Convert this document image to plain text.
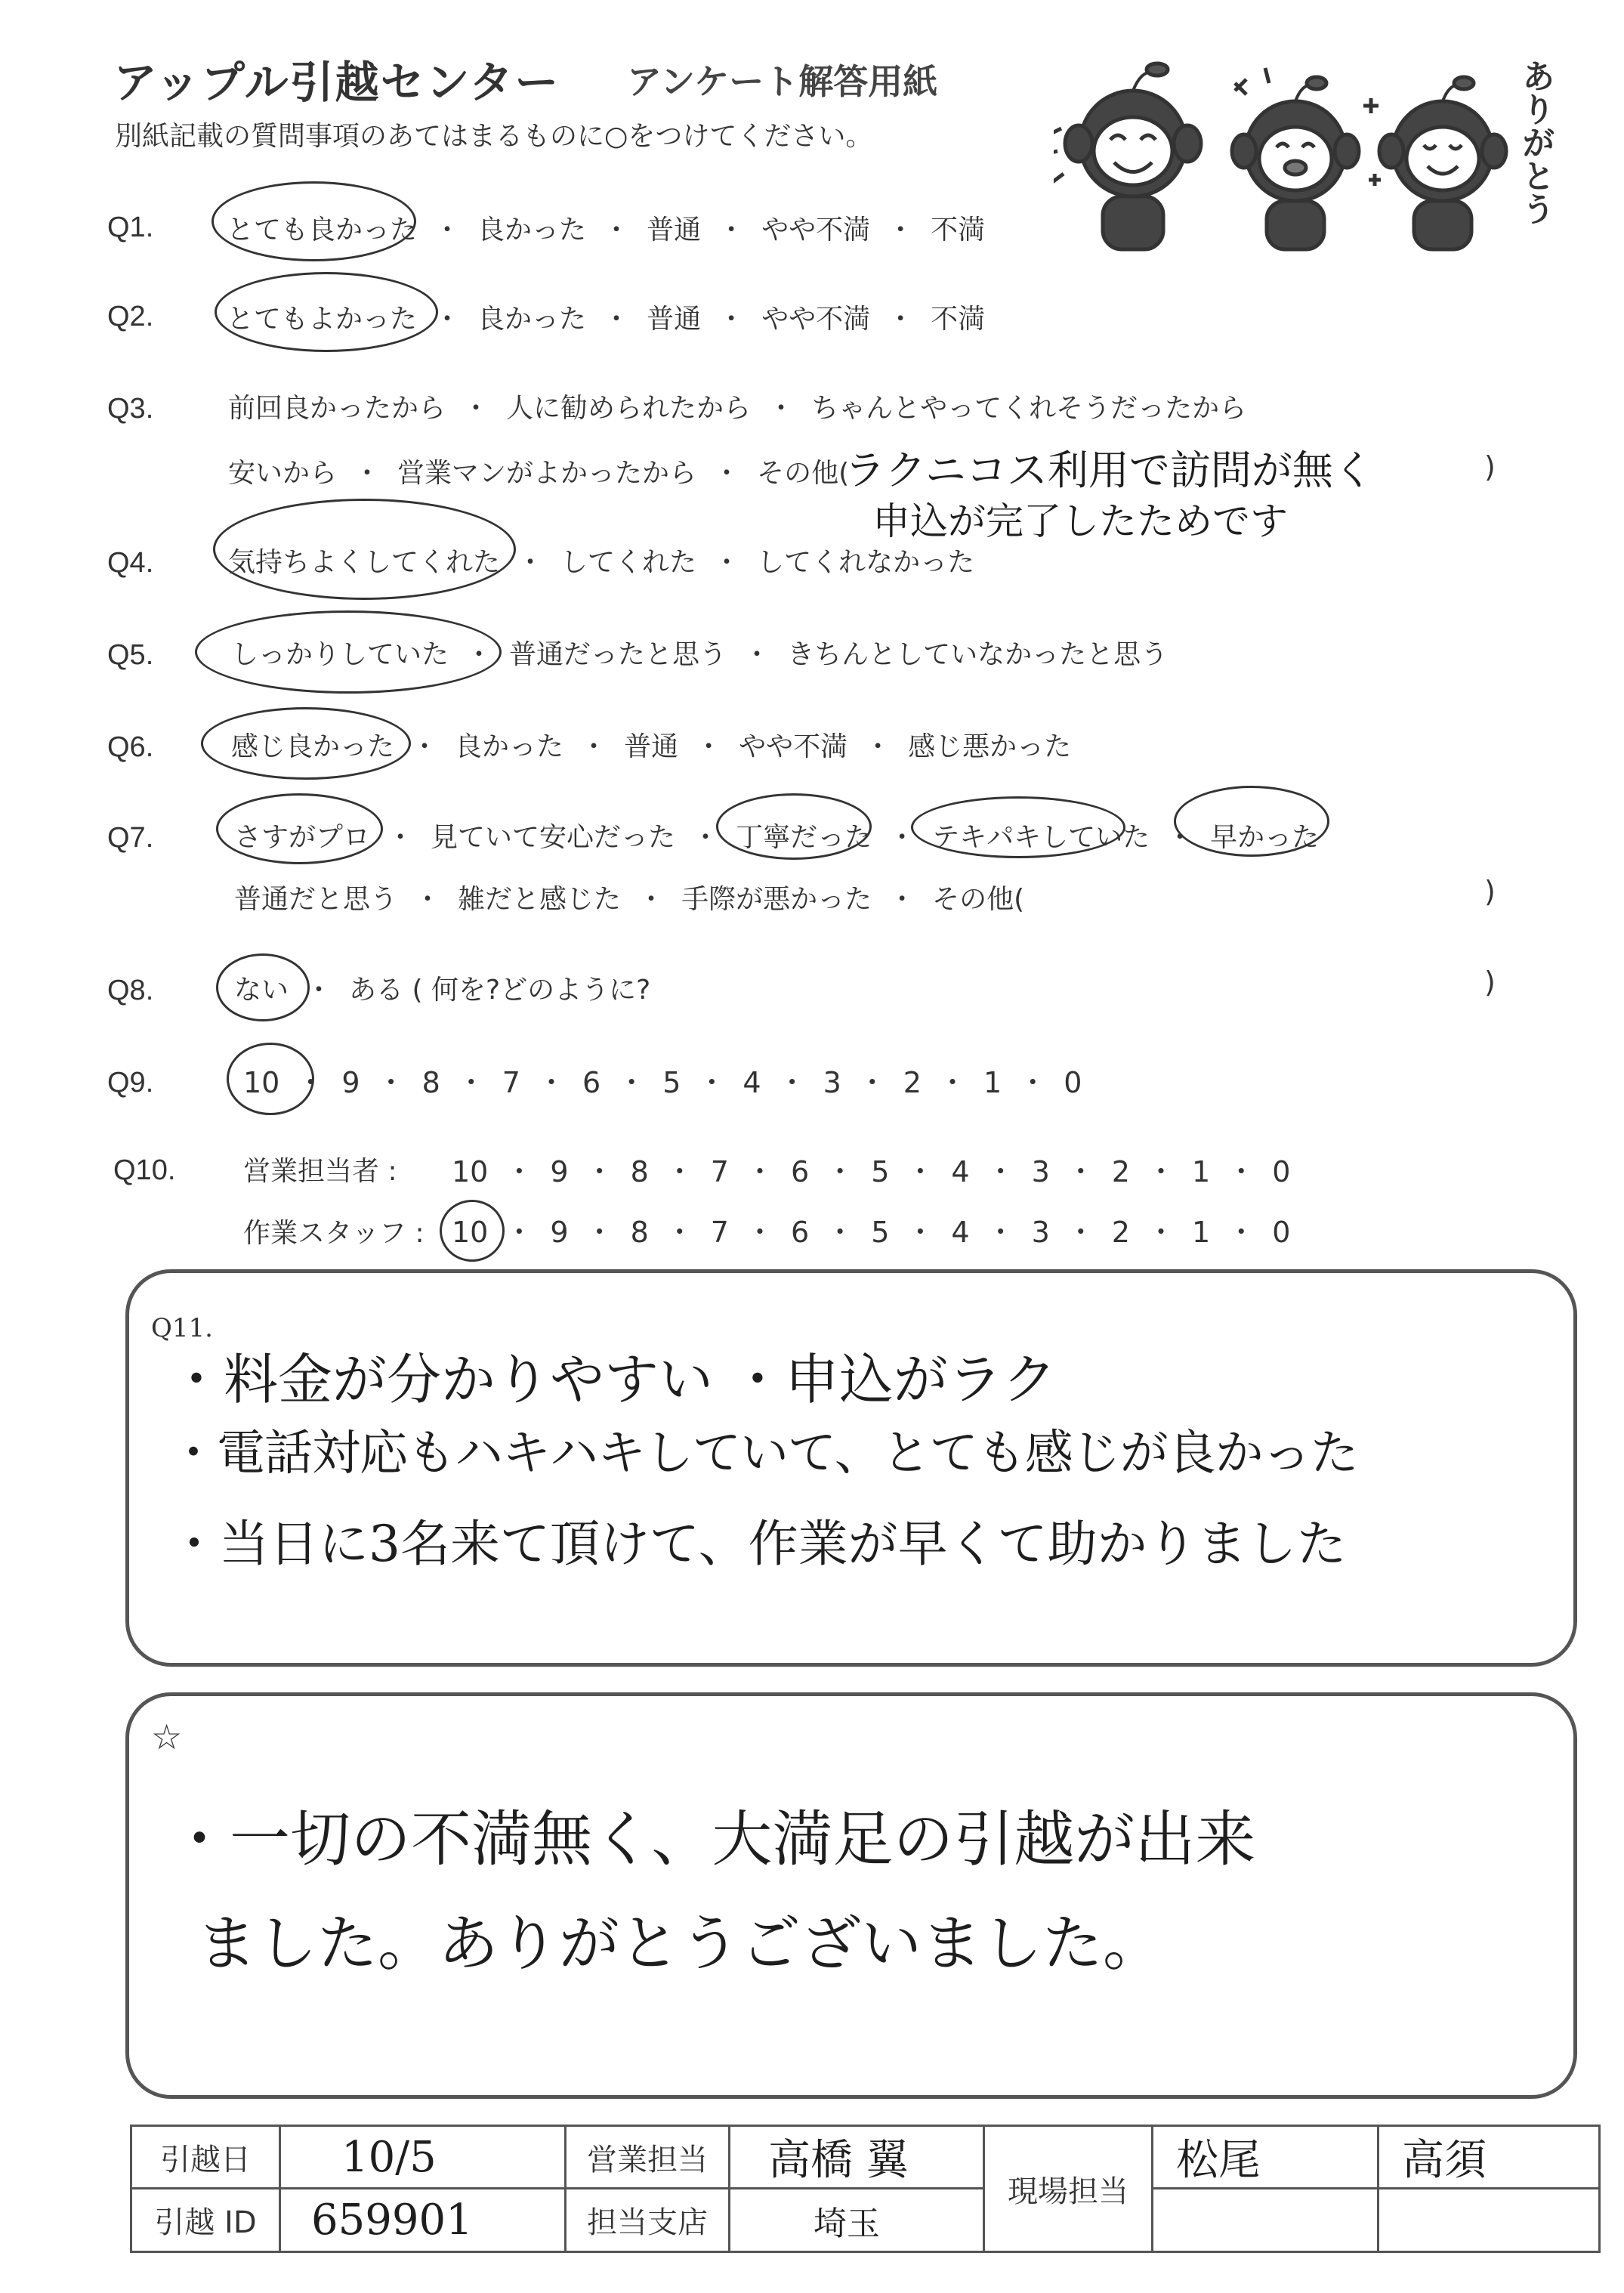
アップル引越センター アンケート解答用紙
別紙記載の質問事項のあてはまるものに○をつけてください。	ありがとう
Q1.	とても良かった ・ 良かった ・ 普通 ・ やや不満 ・ 不満
Q2.	とてもよかった ・ 良かった ・ 普通 ・ やや不満 ・ 不満
Q3.	前回良かったから ・ 人に勧められたから ・ ちゃんとやってくれそうだったから
安いから ・ 営業マンがよかったから ・ その他(
ラクニコス利用で訪問が無く	)
申込が完了したためです
Q4.	気持ちよくしてくれた ・ してくれた ・ してくれなかった
Q5.	しっかりしていた ・ 普通だったと思う ・ きちんとしていなかったと思う
Q6.	感じ良かった ・ 良かった ・ 普通 ・ やや不満 ・ 感じ悪かった
Q7.	さすがプロ ・ 見ていて安心だった ・ 丁寧だった ・ テキパキしていた ・ 早かった
普通だと思う ・ 雑だと感じた ・ 手際が悪かった ・ その他(	)
Q8.	ない ・ ある ( 何を?どのように?	)
Q9.	10 ・ 9 ・ 8 ・ 7 ・ 6 ・ 5 ・ 4 ・ 3 ・ 2 ・ 1 ・ 0
Q10. 営業担当者 : 10 ・ 9 ・ 8 ・ 7 ・ 6 ・ 5 ・ 4 ・ 3 ・ 2 ・ 1 ・ 0
作業スタッフ : 10 ・ 9 ・ 8 ・ 7 ・ 6 ・ 5 ・ 4 ・ 3 ・ 2 ・ 1 ・ 0
Q11.
・料金が分かりやすい ・申込がラク
・電話対応もハキハキしていて、とても感じが良かった
・当日に3名来て頂けて、作業が早くて助かりました
☆
・一切の不満無く、大満足の引越が出来
ました。ありがとうございました。
引越日	10/5	営業担当	高橋 翼	現場担当	松尾	高須
引越 ID	659901	担当支店	埼玉			
